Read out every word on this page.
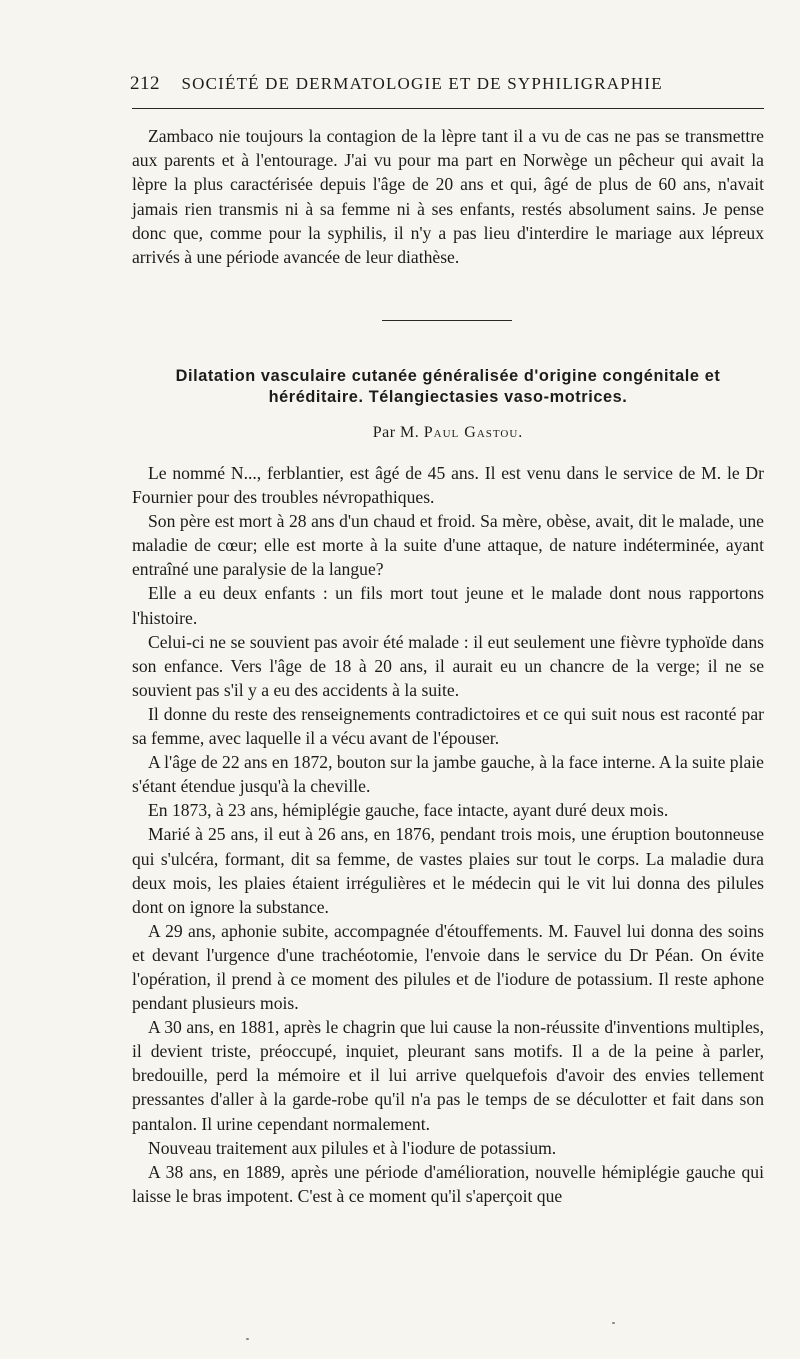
212 SOCIÉTÉ DE DERMATOLOGIE ET DE SYPHILIGRAPHIE

Zambaco nie toujours la contagion de la lèpre tant il a vu de cas ne pas se transmettre aux parents et à l'entourage. J'ai vu pour ma part en Norwège un pêcheur qui avait la lèpre la plus caractérisée depuis l'âge de 20 ans et qui, âgé de plus de 60 ans, n'avait jamais rien transmis ni à sa femme ni à ses enfants, restés absolument sains. Je pense donc que, comme pour la syphilis, il n'y a pas lieu d'interdire le mariage aux lépreux arrivés à une période avancée de leur diathèse.

Dilatation vasculaire cutanée généralisée d'origine congénitale et
héréditaire. Télangiectasies vaso-motrices.
Par M. Paul Gastou.

Le nommé N..., ferblantier, est âgé de 45 ans. Il est venu dans le service de M. le Dr Fournier pour des troubles névropathiques.

Son père est mort à 28 ans d'un chaud et froid. Sa mère, obèse, avait, dit le malade, une maladie de cœur; elle est morte à la suite d'une attaque, de nature indéterminée, ayant entraîné une paralysie de la langue?

Elle a eu deux enfants : un fils mort tout jeune et le malade dont nous rapportons l'histoire.

Celui-ci ne se souvient pas avoir été malade : il eut seulement une fièvre typhoïde dans son enfance. Vers l'âge de 18 à 20 ans, il aurait eu un chancre de la verge; il ne se souvient pas s'il y a eu des accidents à la suite.

Il donne du reste des renseignements contradictoires et ce qui suit nous est raconté par sa femme, avec laquelle il a vécu avant de l'épouser.

A l'âge de 22 ans en 1872, bouton sur la jambe gauche, à la face interne. A la suite plaie s'étant étendue jusqu'à la cheville.

En 1873, à 23 ans, hémiplégie gauche, face intacte, ayant duré deux mois.

Marié à 25 ans, il eut à 26 ans, en 1876, pendant trois mois, une éruption boutonneuse qui s'ulcéra, formant, dit sa femme, de vastes plaies sur tout le corps. La maladie dura deux mois, les plaies étaient irrégulières et le médecin qui le vit lui donna des pilules dont on ignore la substance.

A 29 ans, aphonie subite, accompagnée d'étouffements. M. Fauvel lui donna des soins et devant l'urgence d'une trachéotomie, l'envoie dans le service du Dr Péan. On évite l'opération, il prend à ce moment des pilules et de l'iodure de potassium. Il reste aphone pendant plusieurs mois.

A 30 ans, en 1881, après le chagrin que lui cause la non-réussite d'inventions multiples, il devient triste, préoccupé, inquiet, pleurant sans motifs. Il a de la peine à parler, bredouille, perd la mémoire et il lui arrive quelquefois d'avoir des envies tellement pressantes d'aller à la garde-robe qu'il n'a pas le temps de se déculotter et fait dans son pantalon. Il urine cependant normalement.

Nouveau traitement aux pilules et à l'iodure de potassium.

A 38 ans, en 1889, après une période d'amélioration, nouvelle hémiplégie gauche qui laisse le bras impotent. C'est à ce moment qu'il s'aperçoit que
